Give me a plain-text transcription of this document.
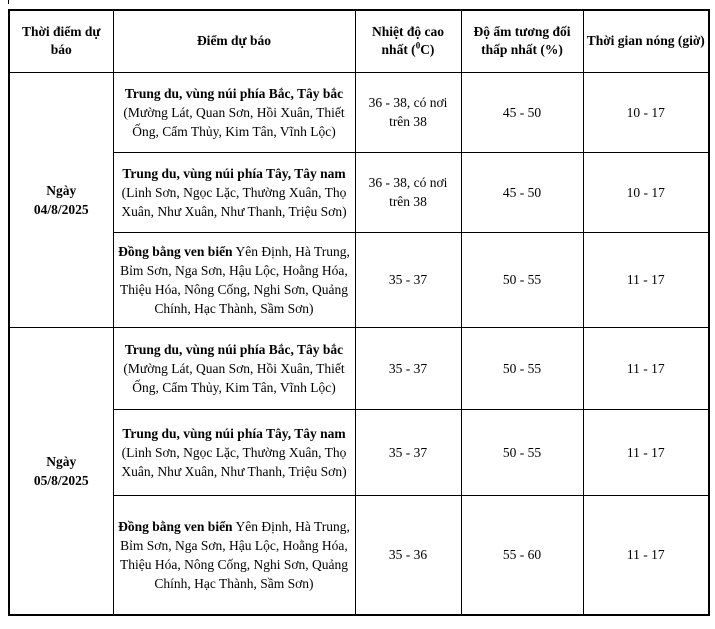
Thời điểm dự báo	Điểm dự báo	Nhiệt độ cao nhất ($^0$C)	Độ ẩm tương đối thấp nhất (%)	Thời gian nóng (giờ)

Ngày
04/8/2025	Trung du, vùng núi phía Bắc, Tây bắc (Mường Lát, Quan Sơn, Hồi Xuân, Thiết Ống, Cẩm Thủy, Kim Tân, Vĩnh Lộc)	36 - 38, có nơi trên 38	45 - 50	10 - 17
	Trung du, vùng núi phía Tây, Tây nam (Linh Sơn, Ngọc Lặc, Thường Xuân, Thọ Xuân, Như Xuân, Như Thanh, Triệu Sơn)	36 - 38, có nơi trên 38	45 - 50	10 - 17
	Đồng bằng ven biển Yên Định, Hà Trung, Bỉm Sơn, Nga Sơn, Hậu Lộc, Hoằng Hóa, Thiệu Hóa, Nông Cống, Nghi Sơn, Quảng Chính, Hạc Thành, Sầm Sơn)	35 - 37	50 - 55	11 - 17

Ngày
05/8/2025	Trung du, vùng núi phía Bắc, Tây bắc (Mường Lát, Quan Sơn, Hồi Xuân, Thiết Ống, Cẩm Thủy, Kim Tân, Vĩnh Lộc)	35 - 37	50 - 55	11 - 17
	Trung du, vùng núi phía Tây, Tây nam (Linh Sơn, Ngọc Lặc, Thường Xuân, Thọ Xuân, Như Xuân, Như Thanh, Triệu Sơn)	35 - 37	50 - 55	11 - 17
	Đồng bằng ven biển Yên Định, Hà Trung, Bỉm Sơn, Nga Sơn, Hậu Lộc, Hoằng Hóa, Thiệu Hóa, Nông Cống, Nghi Sơn, Quảng Chính, Hạc Thành, Sầm Sơn)	35 - 36	55 - 60	11 - 17
